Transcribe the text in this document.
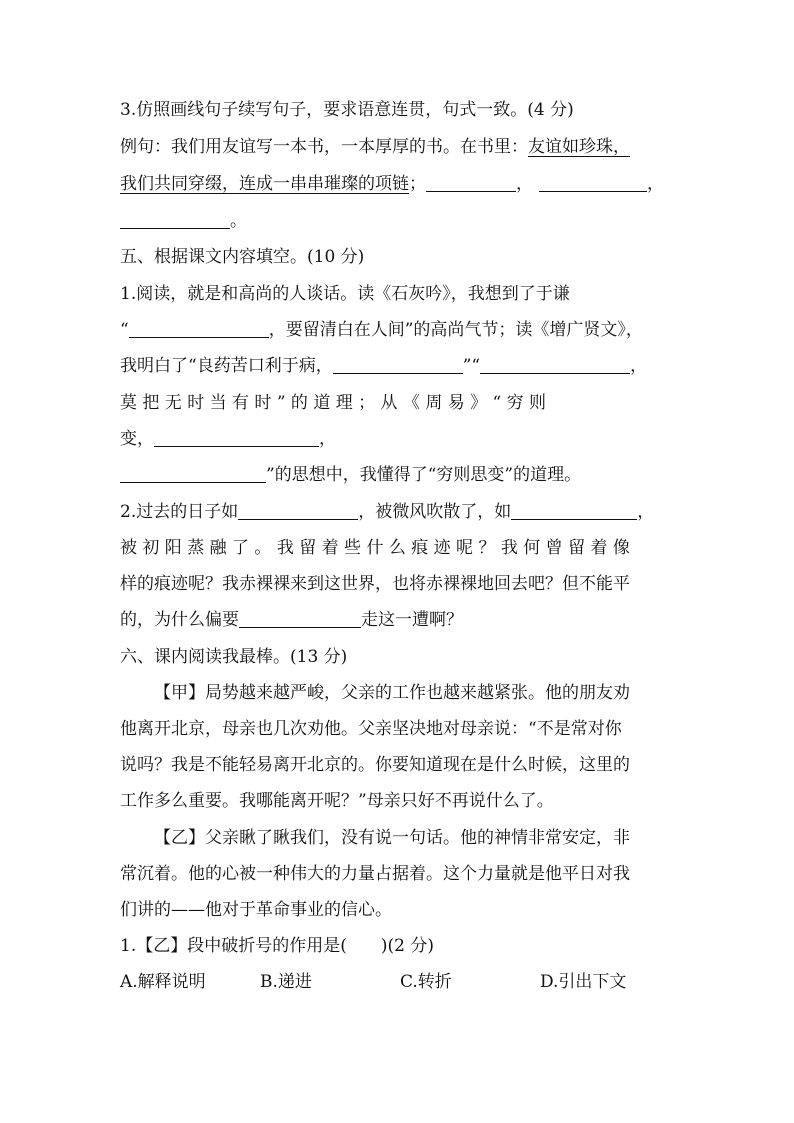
3.仿照画线句子续写句子，要求语意连贯，句式一致。(4 分)
例句：我们用友谊写一本书，一本厚厚的书。在书里：友谊如珍珠，
我们共同穿缀，连成一串串璀璨的项链；	，	，
。
五、根据课文内容填空。(10 分)
1.阅读，就是和高尚的人谈话。读《石灰吟》，我想到了于谦
“	，要留清白在人间”的高尚气节；读《增广贤文》，
我明白了“良药苦口利于病，	”“	，
莫 把 无 时 当 有 时 ” 的 道 理 ； 从 《 周 易 》 “ 穷 则
变，	，
”的思想中，我懂得了“穷则思变”的道理。
2.过去的日子如	，被微风吹散了，如	，
被 初 阳 蒸 融 了 。 我 留 着 些 什 么 痕 迹 呢 ？ 我 何 曾 留 着 像
样的痕迹呢？我赤裸裸来到这世界，也将赤裸裸地回去吧？但不能平
的，为什么偏要	走这一遭啊？
六、课内阅读我最棒。(13 分)
【甲】局势越来越严峻，父亲的工作也越来越紧张。他的朋友劝
他离开北京，母亲也几次劝他。父亲坚决地对母亲说：“不是常对你
说吗？我是不能轻易离开北京的。你要知道现在是什么时候，这里的
工作多么重要。我哪能离开呢？”母亲只好不再说什么了。
【乙】父亲瞅了瞅我们，没有说一句话。他的神情非常安定，非
常沉着。他的心被一种伟大的力量占据着。这个力量就是他平日对我
们讲的——他对于革命事业的信心。
1.【乙】段中破折号的作用是(　　)(2 分)
A.解释说明	B.递进	C.转折	D.引出下文
